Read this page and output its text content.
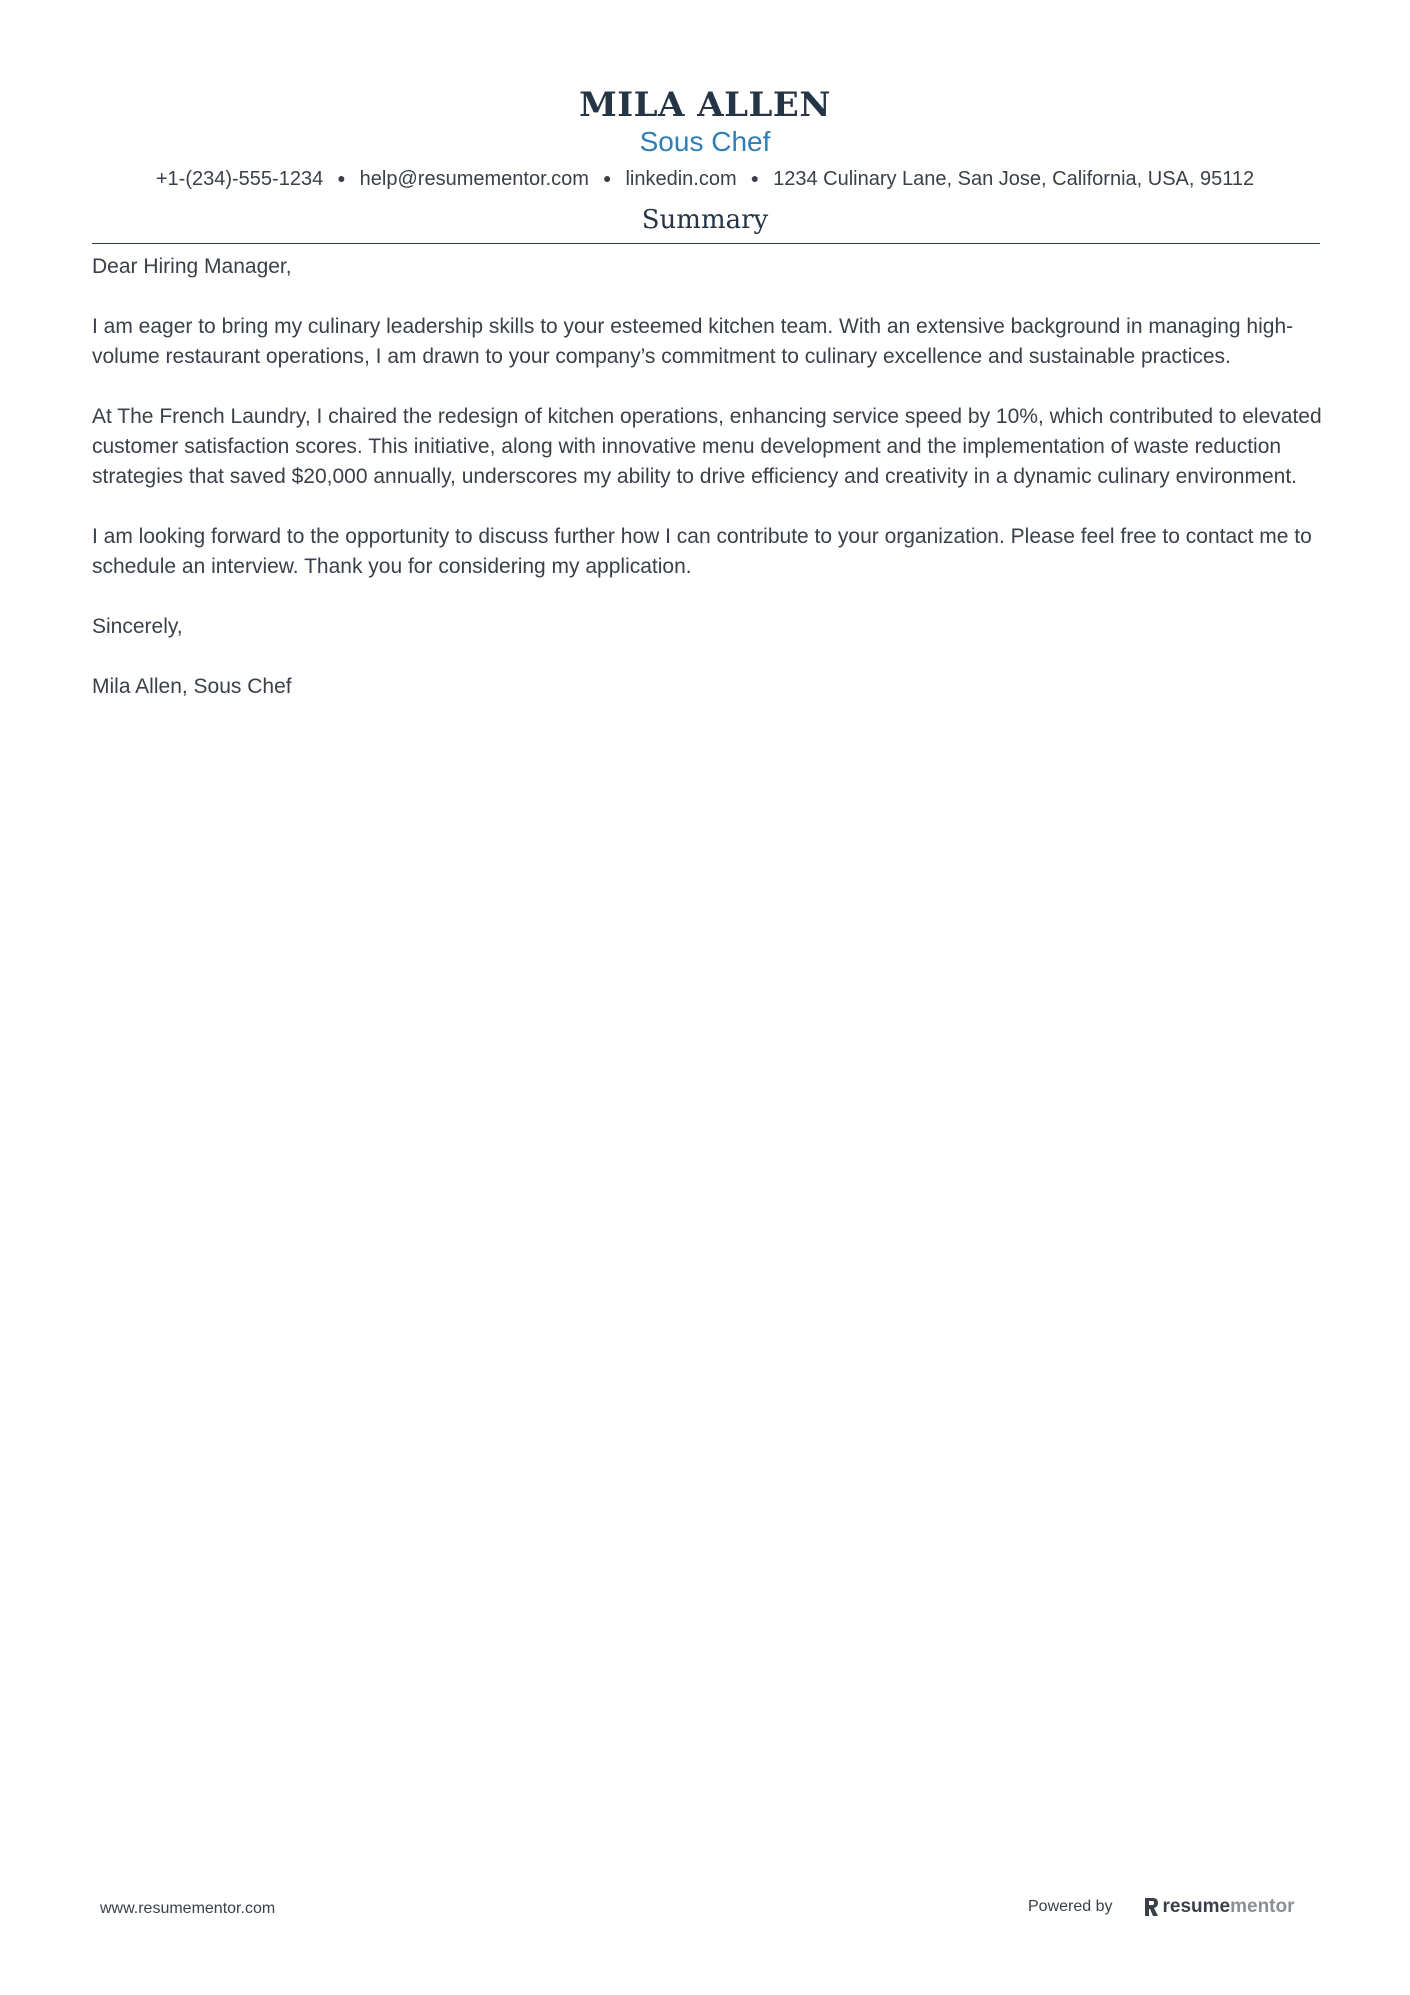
MILA ALLEN
Sous Chef
+1-(234)-555-1234 ● help@resumementor.com ● linkedin.com ● 1234 Culinary Lane, San Jose, California, USA, 95112
Summary

Dear Hiring Manager,

I am eager to bring my culinary leadership skills to your esteemed kitchen team. With an extensive background in managing high-volume restaurant operations, I am drawn to your company’s commitment to culinary excellence and sustainable practices.

At The French Laundry, I chaired the redesign of kitchen operations, enhancing service speed by 10%, which contributed to elevated customer satisfaction scores. This initiative, along with innovative menu development and the implementation of waste reduction strategies that saved $20,000 annually, underscores my ability to drive efficiency and creativity in a dynamic culinary environment.

I am looking forward to the opportunity to discuss further how I can contribute to your organization. Please feel free to contact me to schedule an interview. Thank you for considering my application.

Sincerely,

Mila Allen, Sous Chef

www.resumementor.com	Powered by	resume mentor
